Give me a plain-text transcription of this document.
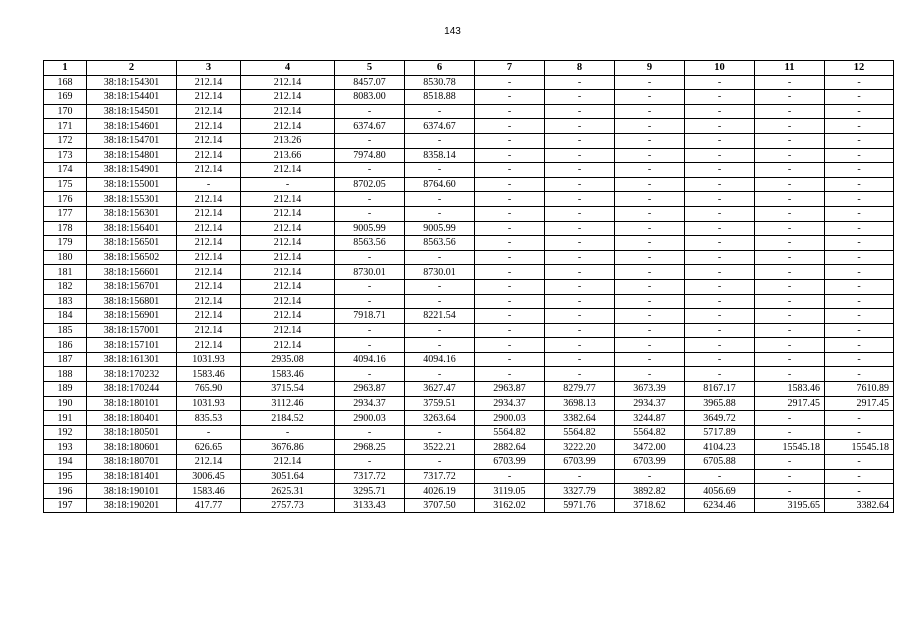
143
1	2	3	4	5	6	7	8	9	10	11	12
168	38:18:154301	212.14	212.14	8457.07	8530.78	-	-	-	-	-	-
169	38:18:154401	212.14	212.14	8083.00	8518.88	-	-	-	-	-	-
170	38:18:154501	212.14	212.14	-	-	-	-	-	-	-	-
171	38:18:154601	212.14	212.14	6374.67	6374.67	-	-	-	-	-	-
172	38:18:154701	212.14	213.26	-	-	-	-	-	-	-	-
173	38:18:154801	212.14	213.66	7974.80	8358.14	-	-	-	-	-	-
174	38:18:154901	212.14	212.14	-	-	-	-	-	-	-	-
175	38:18:155001	-	-	8702.05	8764.60	-	-	-	-	-	-
176	38:18:155301	212.14	212.14	-	-	-	-	-	-	-	-
177	38:18:156301	212.14	212.14	-	-	-	-	-	-	-	-
178	38:18:156401	212.14	212.14	9005.99	9005.99	-	-	-	-	-	-
179	38:18:156501	212.14	212.14	8563.56	8563.56	-	-	-	-	-	-
180	38:18:156502	212.14	212.14	-	-	-	-	-	-	-	-
181	38:18:156601	212.14	212.14	8730.01	8730.01	-	-	-	-	-	-
182	38:18:156701	212.14	212.14	-	-	-	-	-	-	-	-
183	38:18:156801	212.14	212.14	-	-	-	-	-	-	-	-
184	38:18:156901	212.14	212.14	7918.71	8221.54	-	-	-	-	-	-
185	38:18:157001	212.14	212.14	-	-	-	-	-	-	-	-
186	38:18:157101	212.14	212.14	-	-	-	-	-	-	-	-
187	38:18:161301	1031.93	2935.08	4094.16	4094.16	-	-	-	-	-	-
188	38:18:170232	1583.46	1583.46	-	-	-	-	-	-	-	-
189	38:18:170244	765.90	3715.54	2963.87	3627.47	2963.87	8279.77	3673.39	8167.17	1583.46	7610.89
190	38:18:180101	1031.93	3112.46	2934.37	3759.51	2934.37	3698.13	2934.37	3965.88	2917.45	2917.45
191	38:18:180401	835.53	2184.52	2900.03	3263.64	2900.03	3382.64	3244.87	3649.72	-	-
192	38:18:180501	-	-	-	-	5564.82	5564.82	5564.82	5717.89	-	-
193	38:18:180601	626.65	3676.86	2968.25	3522.21	2882.64	3222.20	3472.00	4104.23	15545.18	15545.18
194	38:18:180701	212.14	212.14	-	-	6703.99	6703.99	6703.99	6705.88	-	-
195	38:18:181401	3006.45	3051.64	7317.72	7317.72	-	-	-	-	-	-
196	38:18:190101	1583.46	2625.31	3295.71	4026.19	3119.05	3327.79	3892.82	4056.69	-	-
197	38:18:190201	417.77	2757.73	3133.43	3707.50	3162.02	5971.76	3718.62	6234.46	3195.65	3382.64
